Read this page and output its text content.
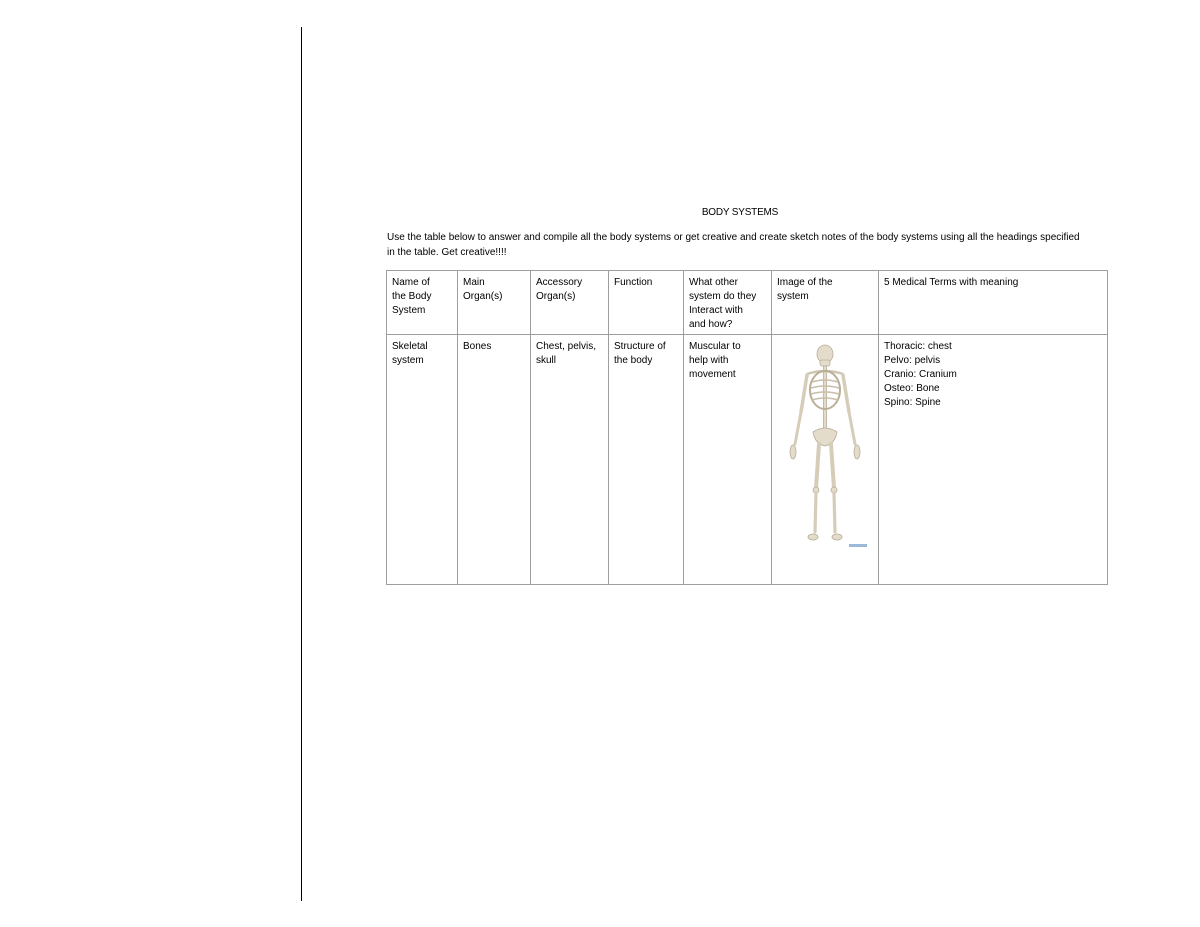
BODY SYSTEMS
Use the table below to answer and compile all the body systems or get creative and create sketch notes of the body systems using all the headings specified in the table. Get creative!!!!
Name of
the Body
System	Main
Organ(s)	Accessory
Organ(s)	Function	What other
system do they
Interact with
and how?	Image of the
system	5 Medical Terms with meaning

Skeletal
system	Bones	Chest, pelvis,
skull	Structure of
the body	Muscular to
help with
movement		Thoracic: chest
Pelvo: pelvis
Cranio: Cranium
Osteo: Bone
Spino: Spine
